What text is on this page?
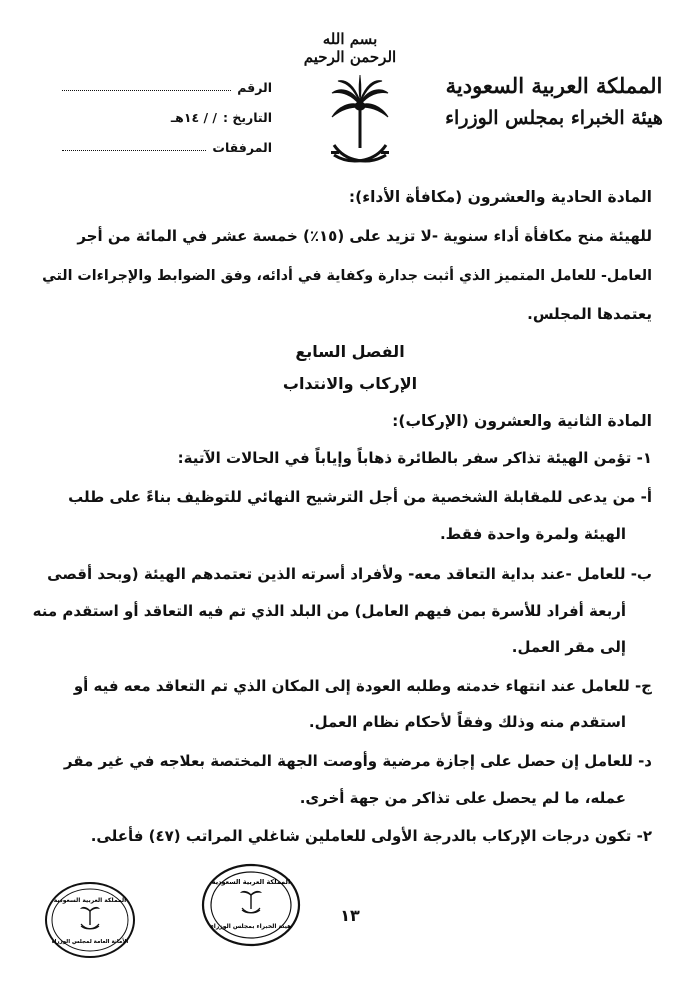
بسم الله الرحمن الرحيم
المملكة العربية السعودية
هيئة الخبراء بمجلس الوزراء
الرقم
التاريخ :
/ / ١٤هـ
المرفقات
المادة الحادية والعشرون (مكافأة الأداء):
للهيئة منح مكافأة أداء سنوية -لا تزيد على (١٥٪) خمسة عشر في المائة من أجر
العامل- للعامل المتميز الذي أثبت جدارة وكفاية في أدائه، وفق الضوابط والإجراءات التي
يعتمدها المجلس.
الفصل السابع
الإركاب والانتداب
المادة الثانية والعشرون (الإركاب):
١- تؤمن الهيئة تذاكر سفر بالطائرة ذهاباً وإياباً في الحالات الآتية:
أ- من يدعى للمقابلة الشخصية من أجل الترشيح النهائي للتوظيف بناءً على طلب
الهيئة ولمرة واحدة فقط.
ب- للعامل -عند بداية التعاقد معه- ولأفراد أسرته الذين تعتمدهم الهيئة (وبحد أقصى
أربعة أفراد للأسرة بمن فيهم العامل) من البلد الذي تم فيه التعاقد أو استقدم منه
إلى مقر العمل.
ج- للعامل عند انتهاء خدمته وطلبه العودة إلى المكان الذي تم التعاقد معه فيه أو
استقدم منه وذلك وفقاً لأحكام نظام العمل.
د- للعامل إن حصل على إجازة مرضية وأوصت الجهة المختصة بعلاجه في غير مقر
عمله، ما لم يحصل على تذاكر من جهة أخرى.
٢- تكون درجات الإركاب بالدرجة الأولى للعاملين شاغلي المراتب (٤٧) فأعلى.
١٣
المملكة العربية السعودية
الأمانة العامة لمجلس الوزراء
المملكة العربية السعودية
هيئة الخبراء بمجلس الوزراء
